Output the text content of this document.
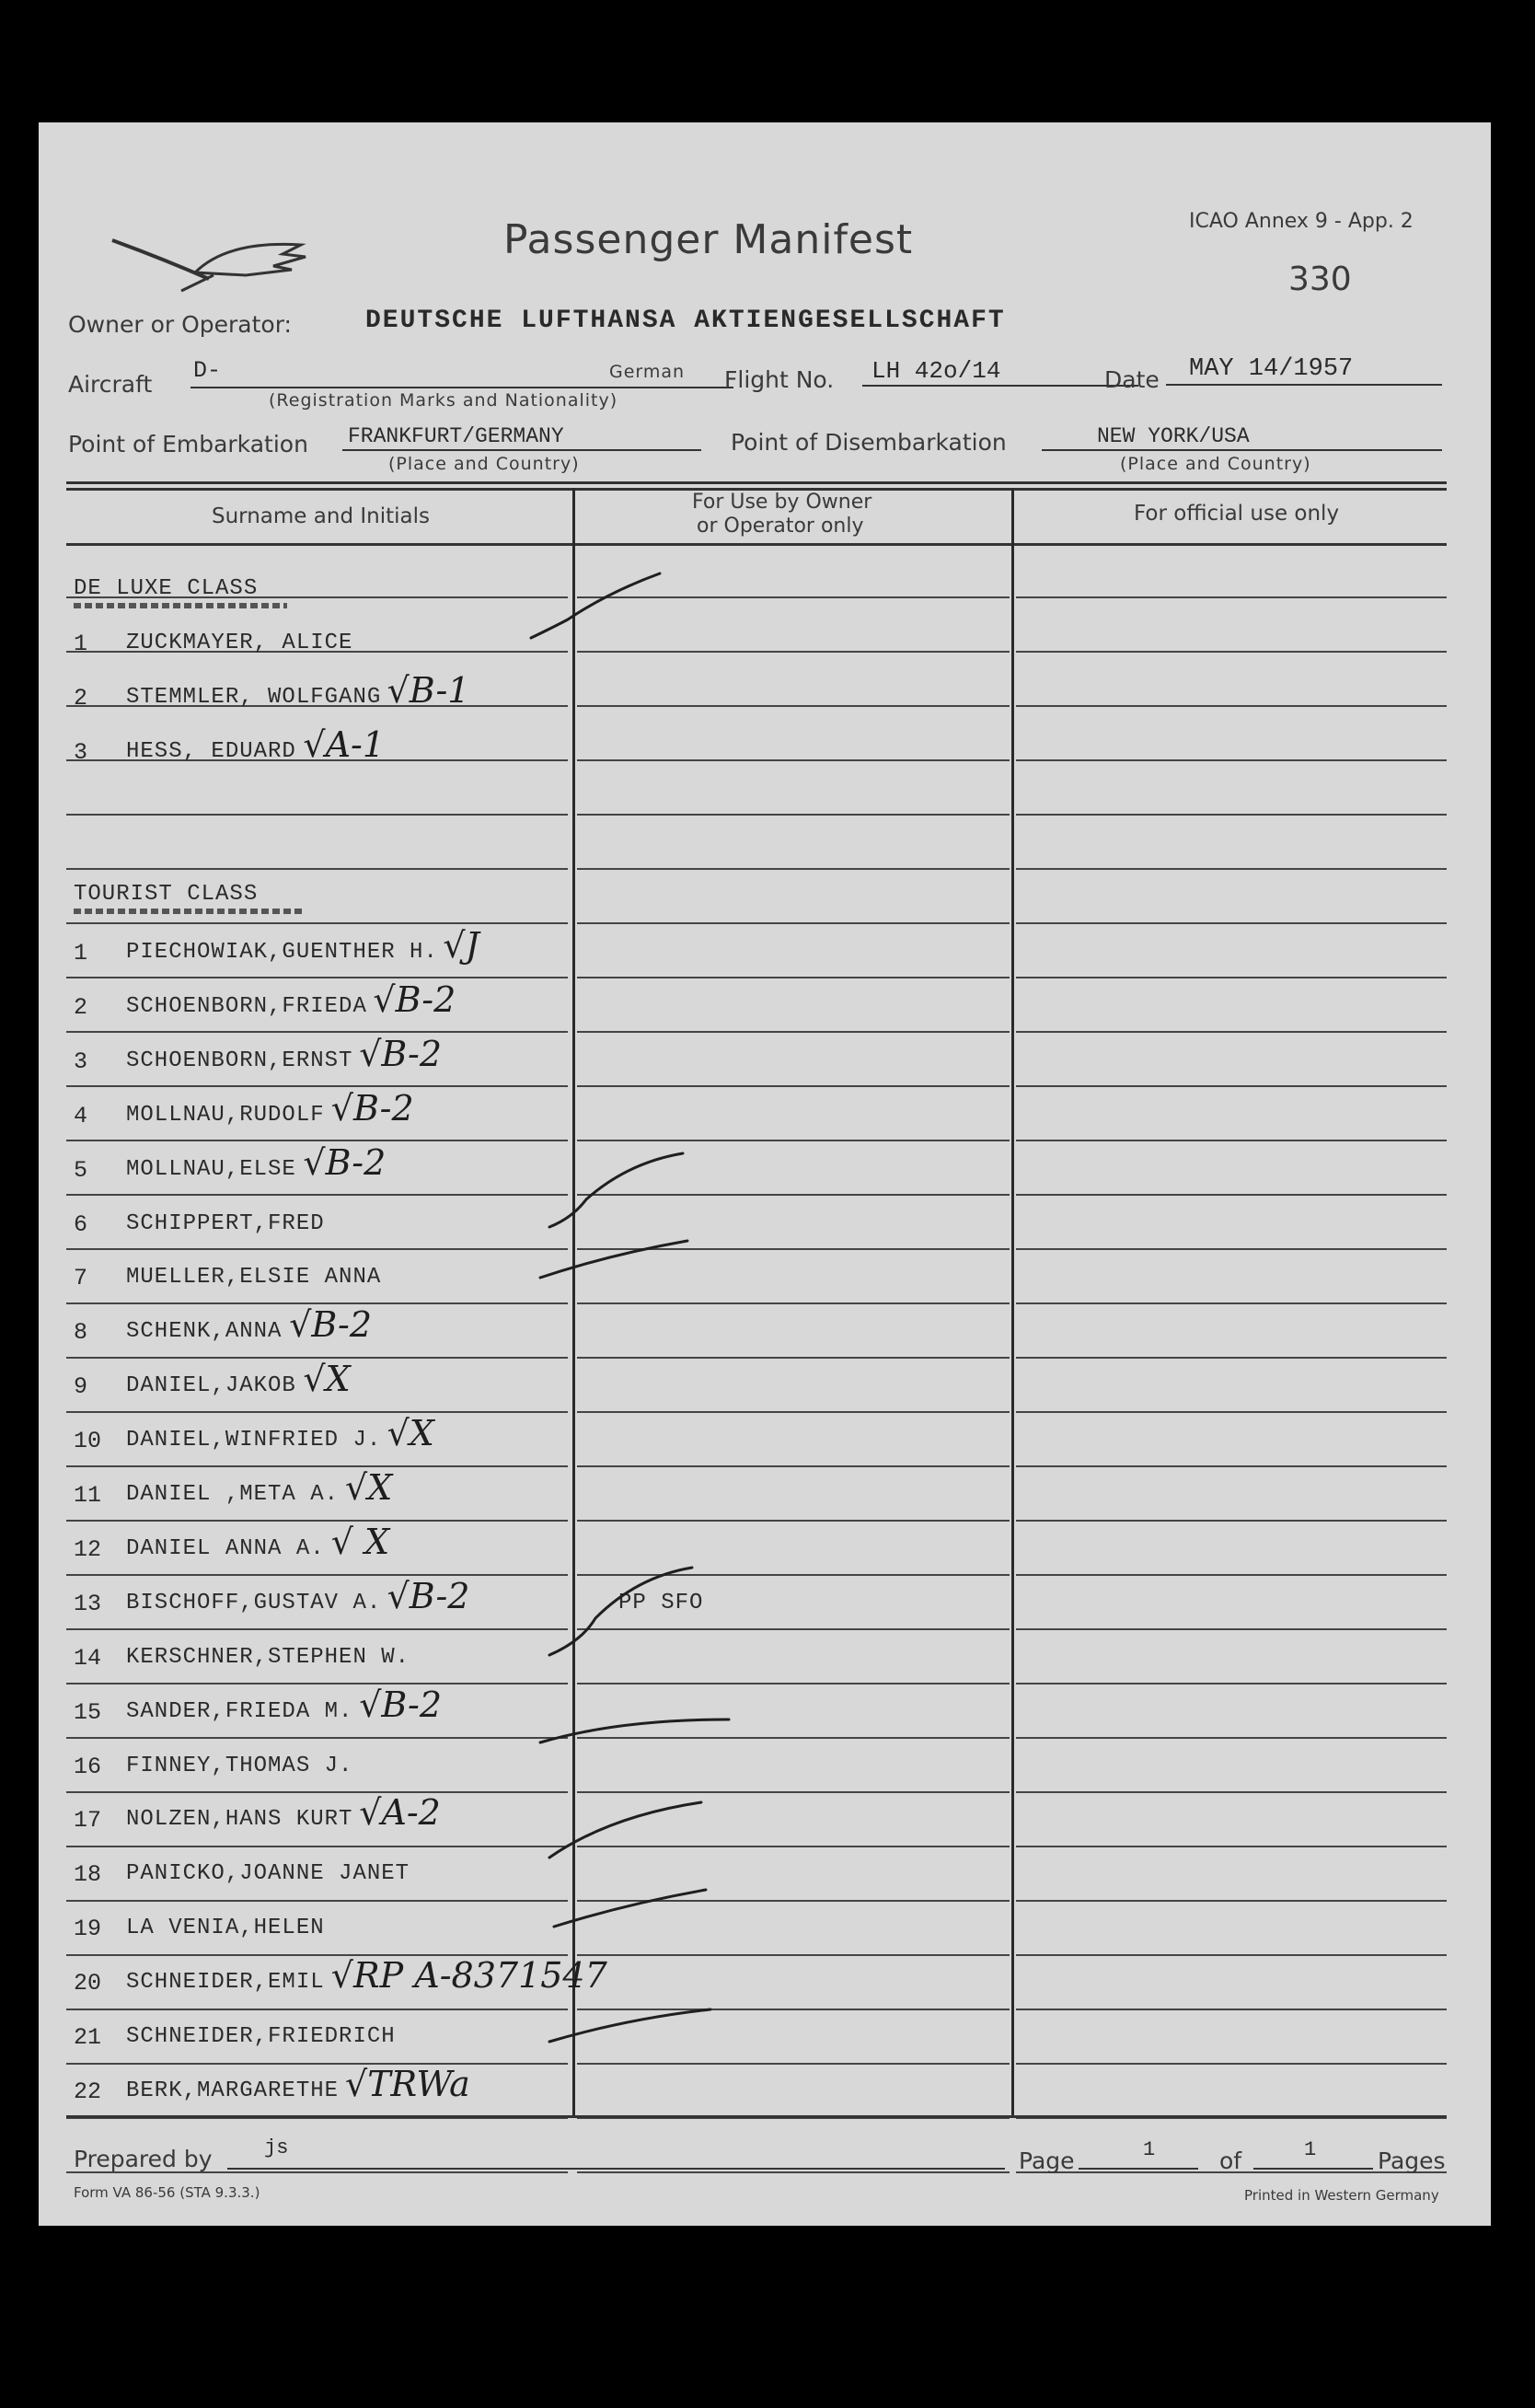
Passenger Manifest	ICAO Annex 9 - App. 2
330
Owner or Operator:	DEUTSCHE LUFTHANSA AKTIENGESELLSCHAFT
Aircraft
D-	German
(Registration Marks and Nationality)
Flight No. LH 42o/14	Date MAY 14/1957
Point of Embarkation FRANKFURT/GERMANY
(Place and Country)
Point of Disembarkation	NEW YORK/USA
(Place and Country)
Surname and Initials
For Use by Owner
or Operator only
For official use only
DE LUXE CLASS
1 ZUCKMAYER, ALICE
2 STEMMLER, WOLFGANG √B-1
3 HESS, EDUARD √A-1
TOURIST CLASS
1 PIECHOWIAK,GUENTHER H. √J
2 SCHOENBORN,FRIEDA √B-2
3 SCHOENBORN,ERNST √B-2
4 MOLLNAU,RUDOLF √B-2
5 MOLLNAU,ELSE √B-2
6 SCHIPPERT,FRED
7 MUELLER,ELSIE ANNA
8 SCHENK,ANNA √B-2
9 DANIEL,JAKOB √X
10 DANIEL,WINFRIED J. √X
11 DANIEL ,META A. √X
12 DANIEL ANNA A. √ X
13 BISCHOFF,GUSTAV A. √B-2	PP SFO
14 KERSCHNER,STEPHEN W.
15 SANDER,FRIEDA M. √B-2
16 FINNEY,THOMAS J.
17 NOLZEN,HANS KURT √A-2
18 PANICKO,JOANNE JANET
19 LA VENIA,HELEN
20 SCHNEIDER,EMIL √RP A-8371547
21 SCHNEIDER,FRIEDRICH
22 BERK,MARGARETHE √TRWa
Prepared by	js	Page	1	of	1	Pages
Form VA 86-56 (STA 9.3.3.)	Printed in Western Germany
